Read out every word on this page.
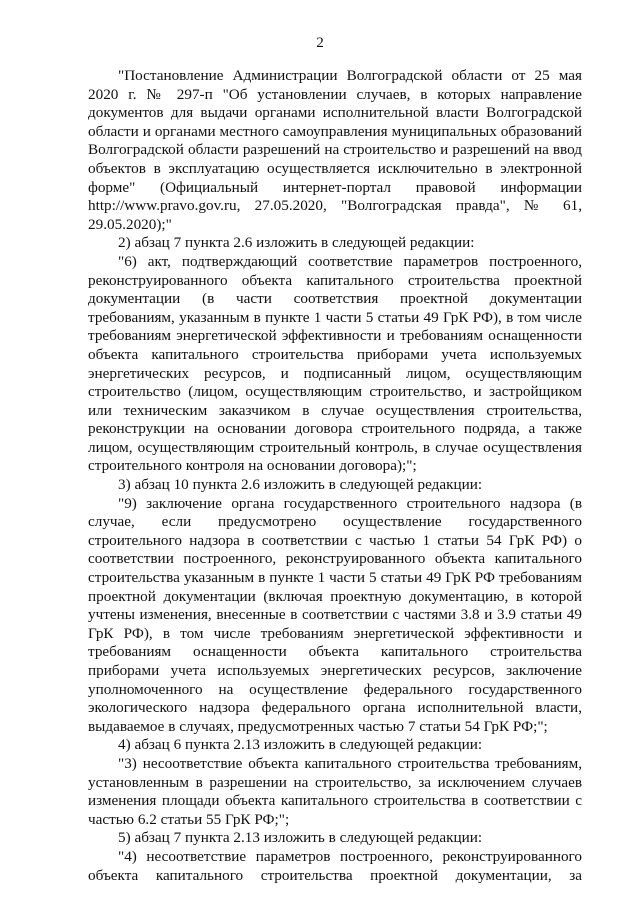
2

"Постановление Администрации Волгоградской области от 25 мая 2020 г. № 297-п "Об установлении случаев, в которых направление документов для выдачи органами исполнительной власти Волгоградской области и органами местного самоуправления муниципальных образований Волгоградской области разрешений на строительство и разрешений на ввод объектов в эксплуатацию осуществляется исключительно в электронной форме" (Официальный интернет-портал правовой информации http://www.pravo.gov.ru, 27.05.2020, "Волгоградская правда", № 61, 29.05.2020);"

2) абзац 7 пункта 2.6 изложить в следующей редакции:

"6) акт, подтверждающий соответствие параметров построенного, реконструированного объекта капитального строительства проектной документации (в части соответствия проектной документации требованиям, указанным в пункте 1 части 5 статьи 49 ГрК РФ), в том числе требованиям энергетической эффективности и требованиям оснащенности объекта капитального строительства приборами учета используемых энергетических ресурсов, и подписанный лицом, осуществляющим строительство (лицом, осуществляющим строительство, и застройщиком или техническим заказчиком в случае осуществления строительства, реконструкции на основании договора строительного подряда, а также лицом, осуществляющим строительный контроль, в случае осуществления строительного контроля на основании договора);";

3) абзац 10 пункта 2.6 изложить в следующей редакции:

"9) заключение органа государственного строительного надзора (в случае, если предусмотрено осуществление государственного строительного надзора в соответствии с частью 1 статьи 54 ГрК РФ) о соответствии построенного, реконструированного объекта капитального строительства указанным в пункте 1 части 5 статьи 49 ГрК РФ требованиям проектной документации (включая проектную документацию, в которой учтены изменения, внесенные в соответствии с частями 3.8 и 3.9 статьи 49 ГрК РФ), в том числе требованиям энергетической эффективности и требованиям оснащенности объекта капитального строительства приборами учета используемых энергетических ресурсов, заключение уполномоченного на осуществление федерального государственного экологического надзора федерального органа исполнительной власти, выдаваемое в случаях, предусмотренных частью 7 статьи 54 ГрК РФ;";

4) абзац 6 пункта 2.13 изложить в следующей редакции:

"3) несоответствие объекта капитального строительства требованиям, установленным в разрешении на строительство, за исключением случаев изменения площади объекта капитального строительства в соответствии с частью 6.2 статьи 55 ГрК РФ;";

5) абзац 7 пункта 2.13 изложить в следующей редакции:

"4) несоответствие параметров построенного, реконструированного объекта капитального строительства проектной документации, за
